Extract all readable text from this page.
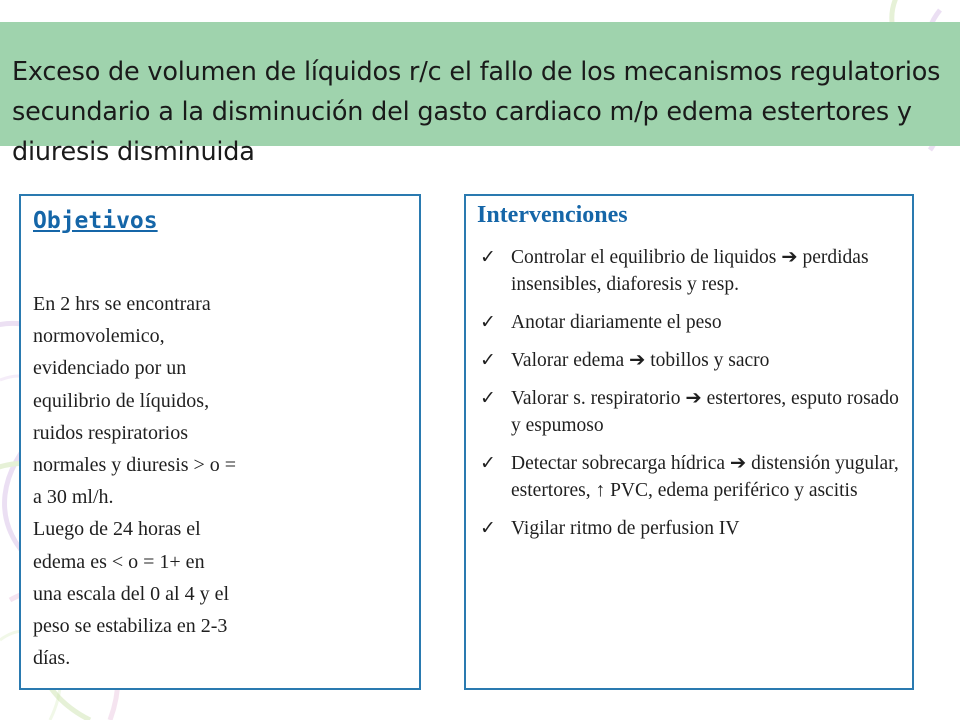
Exceso de volumen de líquidos r/c el fallo de los mecanismos regulatorios secundario a la disminución del gasto cardiaco m/p edema estertores y diuresis disminuida
Objetivos
En 2 hrs se encontrara
normovolemico,
evidenciado por un
equilibrio de líquidos,
ruidos respiratorios
normales y diuresis > o =
a 30 ml/h.
Luego de 24 horas el
edema es < o = 1+ en
una escala del 0 al 4 y el
peso se estabiliza en 2-3
días.
Intervenciones
✓ Controlar el equilibrio de liquidos ➔ perdidas insensibles, diaforesis y resp.
✓ Anotar diariamente el peso
✓ Valorar edema ➔ tobillos y sacro
✓ Valorar s. respiratorio ➔ estertores, esputo rosado y espumoso
✓ Detectar sobrecarga hídrica ➔ distensión yugular, estertores, ↑ PVC, edema periférico y ascitis
✓ Vigilar ritmo de perfusion IV
